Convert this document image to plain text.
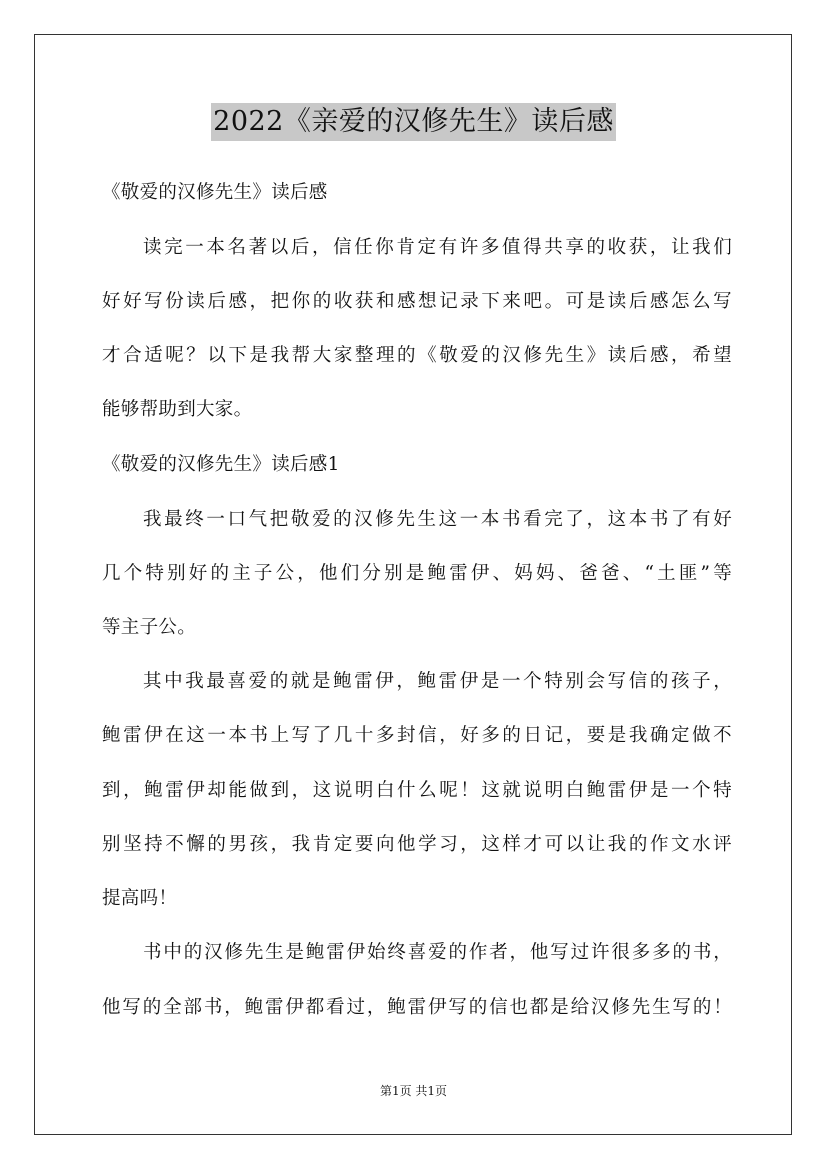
2022《亲爱的汉修先生》读后感
《敬爱的汉修先生》读后感
读完一本名著以后，信任你肯定有许多值得共享的收获，让我们
好好写份读后感，把你的收获和感想记录下来吧。可是读后感怎么写
才合适呢？以下是我帮大家整理的《敬爱的汉修先生》读后感，希望
能够帮助到大家。
《敬爱的汉修先生》读后感1
我最终一口气把敬爱的汉修先生这一本书看完了，这本书了有好
几个特别好的主子公，他们分别是鲍雷伊、妈妈、爸爸、“土匪”等
等主子公。
其中我最喜爱的就是鲍雷伊，鲍雷伊是一个特别会写信的孩子，
鲍雷伊在这一本书上写了几十多封信，好多的日记，要是我确定做不
到，鲍雷伊却能做到，这说明白什么呢！这就说明白鲍雷伊是一个特
别坚持不懈的男孩，我肯定要向他学习，这样才可以让我的作文水评
提高吗！
书中的汉修先生是鲍雷伊始终喜爱的作者，他写过许很多多的书，
他写的全部书，鲍雷伊都看过，鲍雷伊写的信也都是给汉修先生写的！
第1页 共1页
